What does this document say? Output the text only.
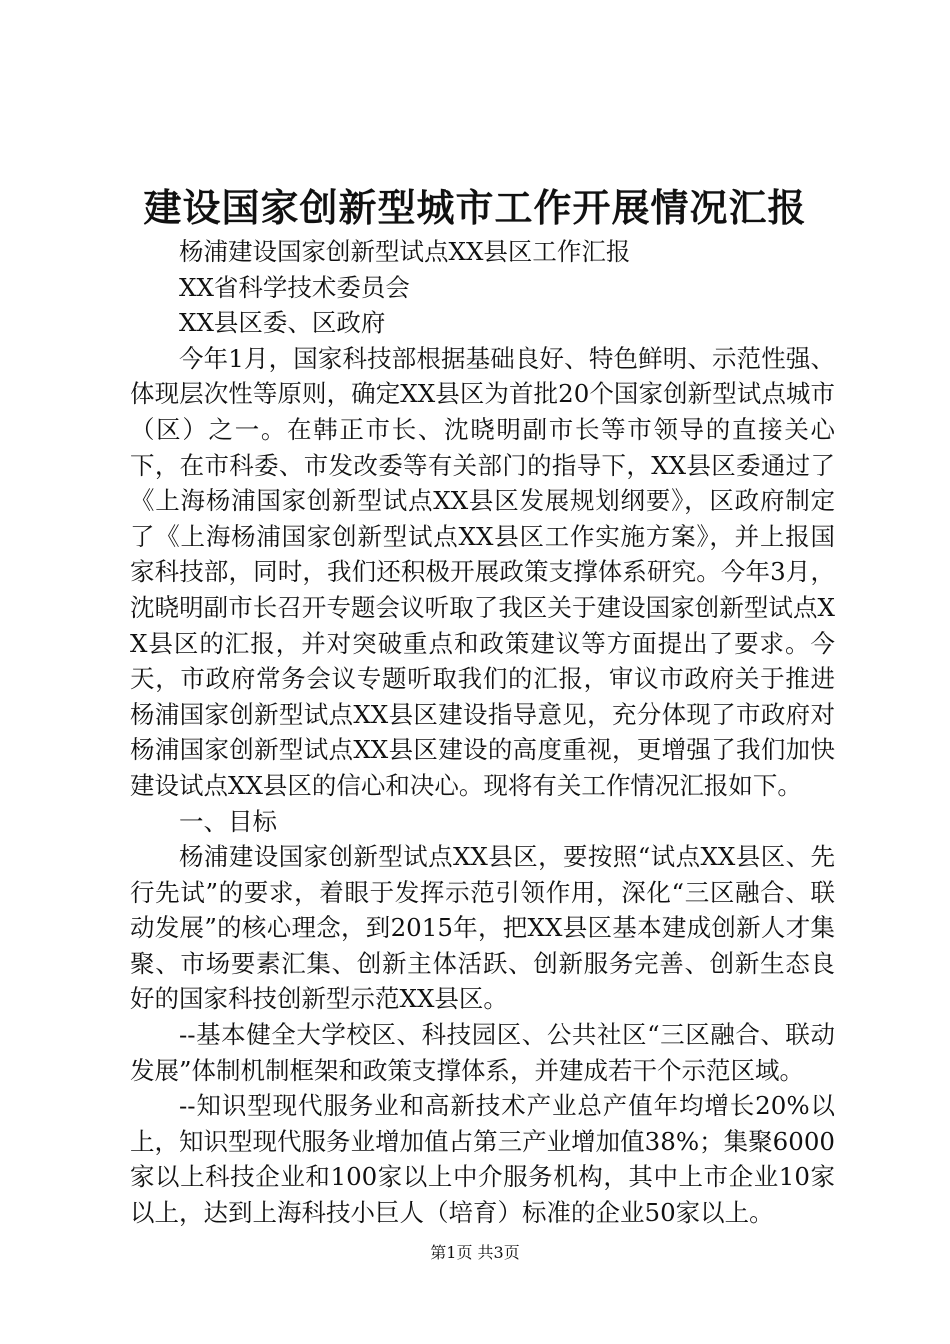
建设国家创新型城市工作开展情况汇报

杨浦建设国家创新型试点XX县区工作汇报

XX省科学技术委员会

XX县区委、区政府

今年1月，国家科技部根据基础良好、特色鲜明、示范性强、体现层次性等原则，确定XX县区为首批20个国家创新型试点城市（区）之一。在韩正市长、沈晓明副市长等市领导的直接关心下，在市科委、市发改委等有关部门的指导下，XX县区委通过了《上海杨浦国家创新型试点XX县区发展规划纲要》，区政府制定了《上海杨浦国家创新型试点XX县区工作实施方案》，并上报国家科技部，同时，我们还积极开展政策支撑体系研究。今年3月，沈晓明副市长召开专题会议听取了我区关于建设国家创新型试点XX县区的汇报，并对突破重点和政策建议等方面提出了要求。今天，市政府常务会议专题听取我们的汇报，审议市政府关于推进杨浦国家创新型试点XX县区建设指导意见，充分体现了市政府对杨浦国家创新型试点XX县区建设的高度重视，更增强了我们加快建设试点XX县区的信心和决心。现将有关工作情况汇报如下。

一、目标

杨浦建设国家创新型试点XX县区，要按照“试点XX县区、先行先试”的要求，着眼于发挥示范引领作用，深化“三区融合、联动发展”的核心理念，到2015年，把XX县区基本建成创新人才集聚、市场要素汇集、创新主体活跃、创新服务完善、创新生态良好的国家科技创新型示范XX县区。

--基本健全大学校区、科技园区、公共社区“三区融合、联动发展”体制机制框架和政策支撑体系，并建成若干个示范区域。

--知识型现代服务业和高新技术产业总产值年均增长20%以上，知识型现代服务业增加值占第三产业增加值38%；集聚6000家以上科技企业和100家以上中介服务机构，其中上市企业10家以上，达到上海科技小巨人（培育）标准的企业50家以上。

第1页 共3页
